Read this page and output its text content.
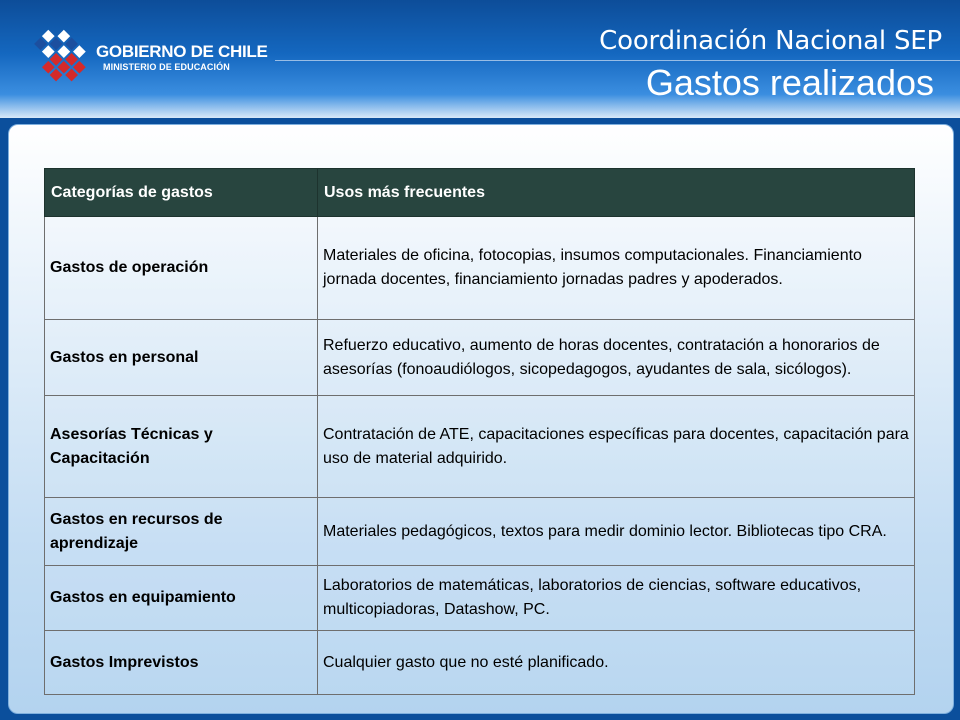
GOBIERNO DE CHILE
MINISTERIO DE EDUCACIÓN
Coordinación Nacional SEP
Gastos realizados
Categorías de gastos	Usos más frecuentes
Gastos de operación	Materiales de oficina, fotocopias, insumos computacionales. Financiamiento jornada docentes, financiamiento jornadas padres y apoderados.
Gastos en personal	Refuerzo educativo, aumento de horas docentes, contratación a honorarios de asesorías (fonoaudiólogos, sicopedagogos, ayudantes de sala, sicólogos).
Asesorías Técnicas y Capacitación	Contratación de ATE, capacitaciones específicas para docentes, capacitación para uso de material adquirido.
Gastos en recursos de aprendizaje	Materiales pedagógicos, textos para medir dominio lector. Bibliotecas tipo CRA.
Gastos en equipamiento	Laboratorios de matemáticas, laboratorios de ciencias, software educativos, multicopiadoras, Datashow, PC.
Gastos Imprevistos	Cualquier gasto que no esté planificado.
